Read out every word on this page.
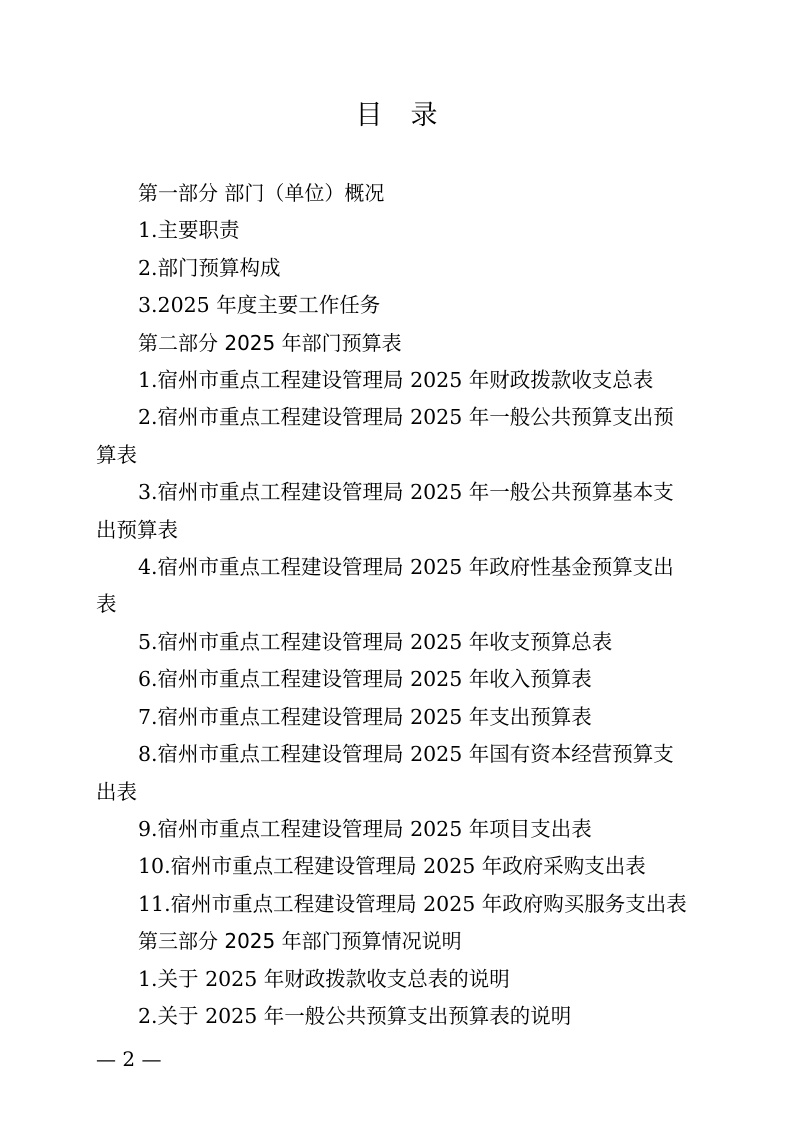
目录
第一部分 部门（单位）概况
1.主要职责
2.部门预算构成
3.2025 年度主要工作任务
第二部分 2025 年部门预算表
1.宿州市重点工程建设管理局 2025 年财政拨款收支总表
2.宿州市重点工程建设管理局 2025 年一般公共预算支出预算表
3.宿州市重点工程建设管理局 2025 年一般公共预算基本支出预算表
4.宿州市重点工程建设管理局 2025 年政府性基金预算支出表
5.宿州市重点工程建设管理局 2025 年收支预算总表
6.宿州市重点工程建设管理局 2025 年收入预算表
7.宿州市重点工程建设管理局 2025 年支出预算表
8.宿州市重点工程建设管理局 2025 年国有资本经营预算支出表
9.宿州市重点工程建设管理局 2025 年项目支出表
10.宿州市重点工程建设管理局 2025 年政府采购支出表
11.宿州市重点工程建设管理局 2025 年政府购买服务支出表
第三部分 2025 年部门预算情况说明
1.关于 2025 年财政拨款收支总表的说明
2.关于 2025 年一般公共预算支出预算表的说明
— 2 —
